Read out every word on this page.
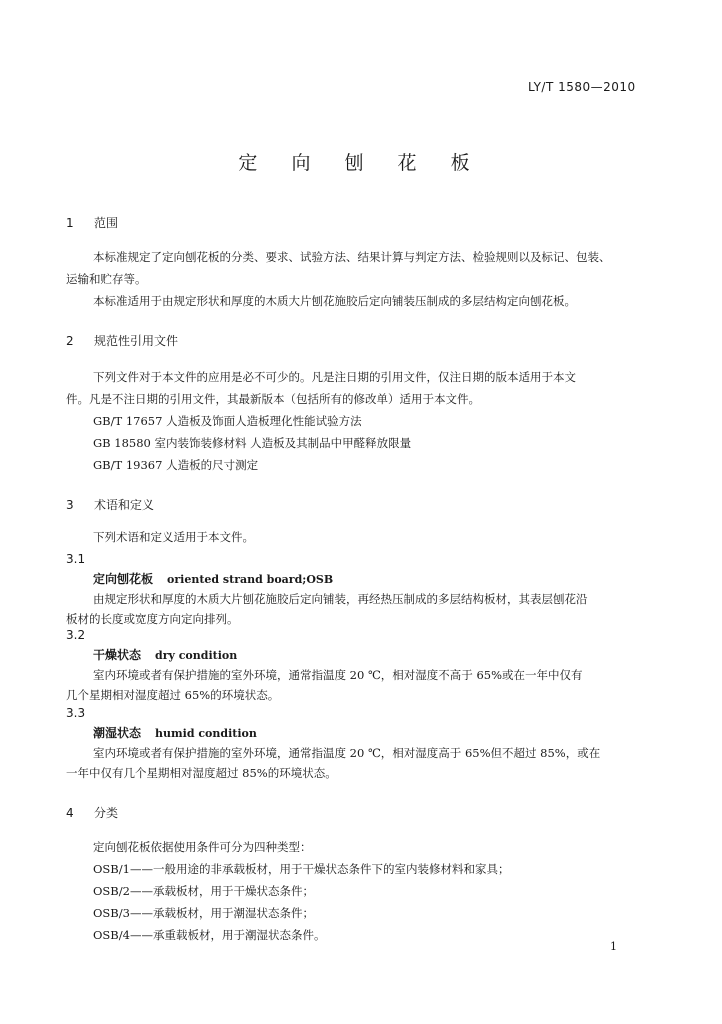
LY/T 1580—2010
定 向 刨 花 板
1 范围
本标准规定了定向刨花板的分类、要求、试验方法、结果计算与判定方法、检验规则以及标记、包装、
运输和贮存等。
本标准适用于由规定形状和厚度的木质大片刨花施胶后定向铺装压制成的多层结构定向刨花板。
2 规范性引用文件
下列文件对于本文件的应用是必不可少的。凡是注日期的引用文件，仅注日期的版本适用于本文
件。凡是不注日期的引用文件，其最新版本（包括所有的修改单）适用于本文件。
GB/T 17657 人造板及饰面人造板理化性能试验方法
GB 18580 室内装饰装修材料 人造板及其制品中甲醛释放限量
GB/T 19367 人造板的尺寸测定
3 术语和定义
下列术语和定义适用于本文件。
3.1
定向刨花板 oriented strand board;OSB
由规定形状和厚度的木质大片刨花施胶后定向铺装，再经热压制成的多层结构板材，其表层刨花沿
板材的长度或宽度方向定向排列。
3.2
干燥状态 dry condition
室内环境或者有保护措施的室外环境，通常指温度 20 ℃，相对湿度不高于 65%或在一年中仅有
几个星期相对湿度超过 65%的环境状态。
3.3
潮湿状态 humid condition
室内环境或者有保护措施的室外环境，通常指温度 20 ℃，相对湿度高于 65%但不超过 85%，或在
一年中仅有几个星期相对湿度超过 85%的环境状态。
4 分类
定向刨花板依据使用条件可分为四种类型：
OSB/1——一般用途的非承载板材，用于干燥状态条件下的室内装修材料和家具；
OSB/2——承载板材，用于干燥状态条件；
OSB/3——承载板材，用于潮湿状态条件；
OSB/4——承重载板材，用于潮湿状态条件。
1
